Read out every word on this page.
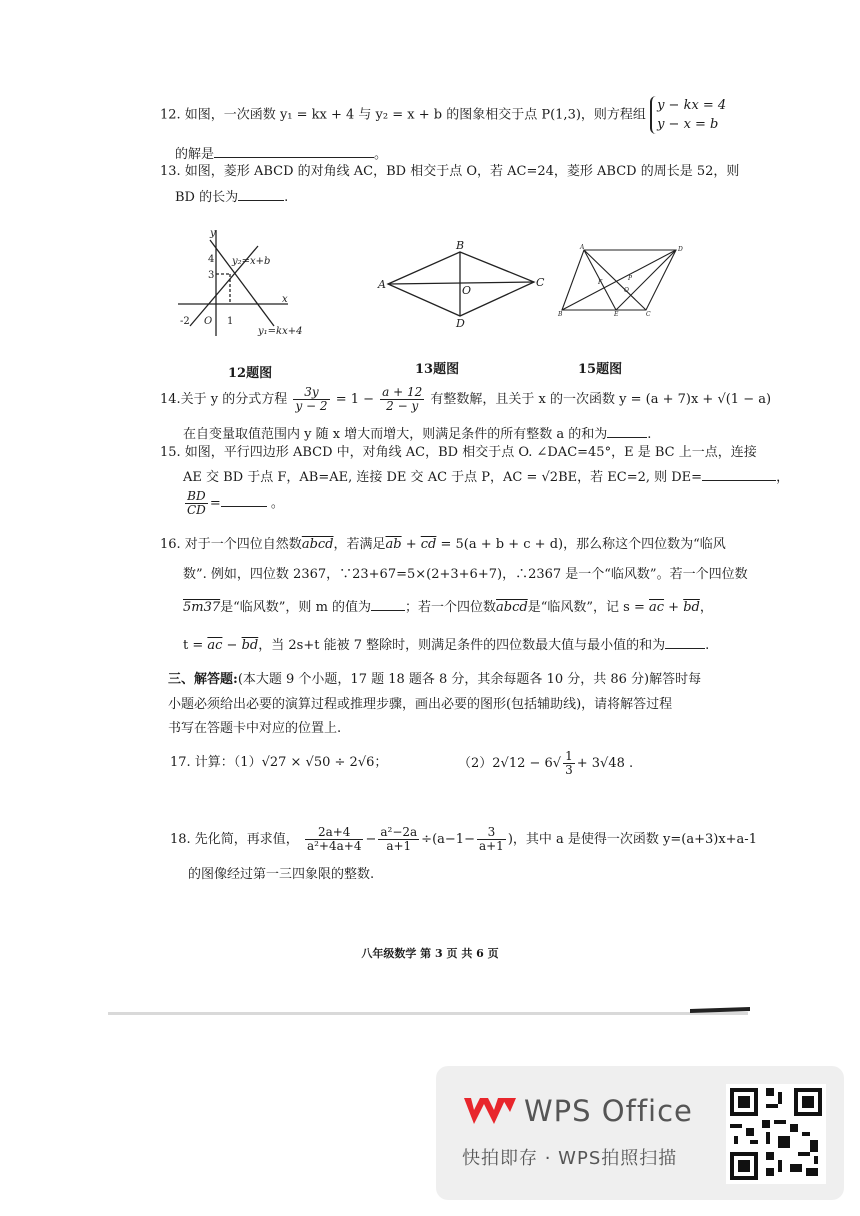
12. 如图，一次函数 y₁ = kx + 4 与 y₂ = x + b 的图象相交于点 P(1,3)，则方程组 y − kx = 4
y − x = b
的解是	。
13. 如图，菱形 ABCD 的对角线 AC，BD 相交于点 O，若 AC=24，菱形 ABCD 的周长是 52，则
BD 的长为	.
y
x
4
3
-2 O 1
y₂=x+b
y₁=kx+4
12题图
A
B
C
D
O
13题图
A	D
B	E	C
F
O
P
15题图
14.关于 y 的分式方程 $\frac{3y}{y - 2} = 1 - \frac{a + 12}{2 - y}$ 有整数解，且关于 x 的一次函数 y = (a + 7)x + √(1 − a)
在自变量取值范围内 y 随 x 增大而增大，则满足条件的所有整数 a 的和为	.
15. 如图，平行四边形 ABCD 中，对角线 AC，BD 相交于点 O. ∠DAC=45°，E 是 BC 上一点，连接
AE 交 BD 于点 F，AB=AE, 连接 DE 交 AC 于点 P，AC = √2BE，若 EC=2, 则 DE=	，
$\frac{BD}{CD}$ =	。
16. 对于一个四位自然数abcd，若满足$\overline{ab} + \overline{cd} = 5(a + b + c + d)$，那么称这个四位数为“临风
数”. 例如，四位数 2367，∵23+67=5×(2+3+6+7)，∴2367 是一个“临风数”。若一个四位数
5m37是“临风数”，则 m 的值为	；若一个四位数abcd是“临风数”，记 $s = \overline{ac} + \overline{bd}$，
$t = \overline{ac} - \overline{bd}$，当 2s+t 能被 7 整除时，则满足条件的四位数最大值与最小值的和为	.
三、解答题:(本大题 9 个小题，17 题 18 题各 8 分，其余每题各 10 分，共 86 分)解答时每
小题必须给出必要的演算过程或推理步骤，画出必要的图形(包括辅助线)，请将解答过程
书写在答题卡中对应的位置上.
17. 计算：（1）√27 × √50 ÷ 2√6；	$(2)2√12 - 6√ \frac{1}{3} + 3√48$ .
18. 先化简，再求值， $\frac{2a+4}{\text{a²+4a+4}} - \frac{\text{a²−2a}}{a+1} \div(a-1- \frac{3}{a+1}$ )，其中 a 是使得一次函数 y=(a+3)x+a-1
的图像经过第一三四象限的整数.
八年级数学 第 3 页 共 6 页
WPS Office
快拍即存 · WPS拍照扫描
